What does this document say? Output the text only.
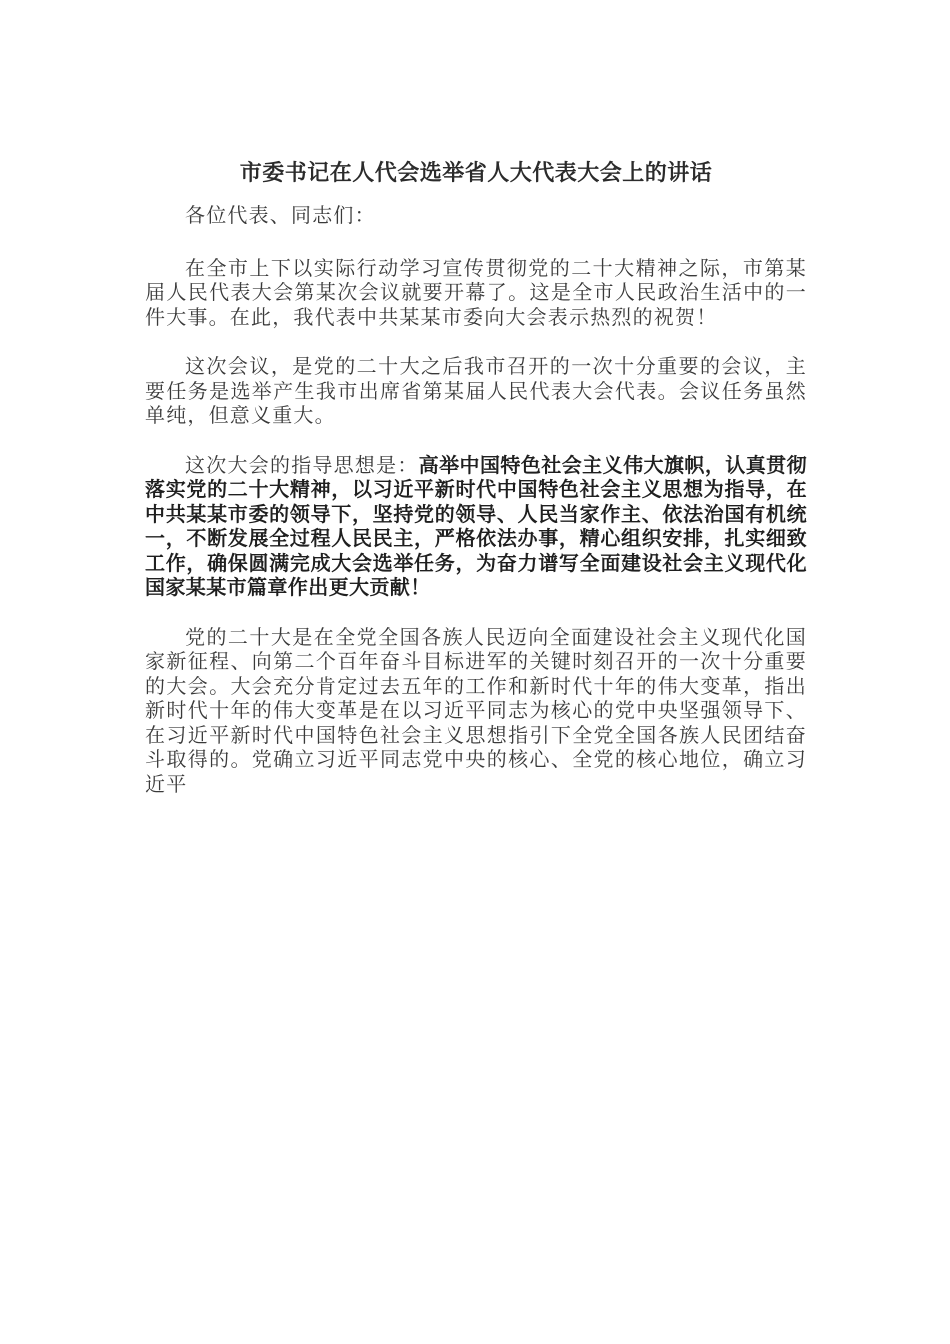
市委书记在人代会选举省人大代表大会上的讲话

各位代表、同志们：

在全市上下以实际行动学习宣传贯彻党的二十大精神之际，市第某届人民代表大会第某次会议就要开幕了。这是全市人民政治生活中的一件大事。在此，我代表中共某某市委向大会表示热烈的祝贺！

这次会议，是党的二十大之后我市召开的一次十分重要的会议，主要任务是选举产生我市出席省第某届人民代表大会代表。会议任务虽然单纯，但意义重大。

这次大会的指导思想是：高举中国特色社会主义伟大旗帜，认真贯彻落实党的二十大精神，以习近平新时代中国特色社会主义思想为指导，在中共某某市委的领导下，坚持党的领导、人民当家作主、依法治国有机统一，不断发展全过程人民民主，严格依法办事，精心组织安排，扎实细致工作，确保圆满完成大会选举任务，为奋力谱写全面建设社会主义现代化国家某某市篇章作出更大贡献！

党的二十大是在全党全国各族人民迈向全面建设社会主义现代化国家新征程、向第二个百年奋斗目标进军的关键时刻召开的一次十分重要的大会。大会充分肯定过去五年的工作和新时代十年的伟大变革，指出新时代十年的伟大变革是在以习近平同志为核心的党中央坚强领导下、在习近平新时代中国特色社会主义思想指引下全党全国各族人民团结奋斗取得的。党确立习近平同志党中央的核心、全党的核心地位，确立习近平
